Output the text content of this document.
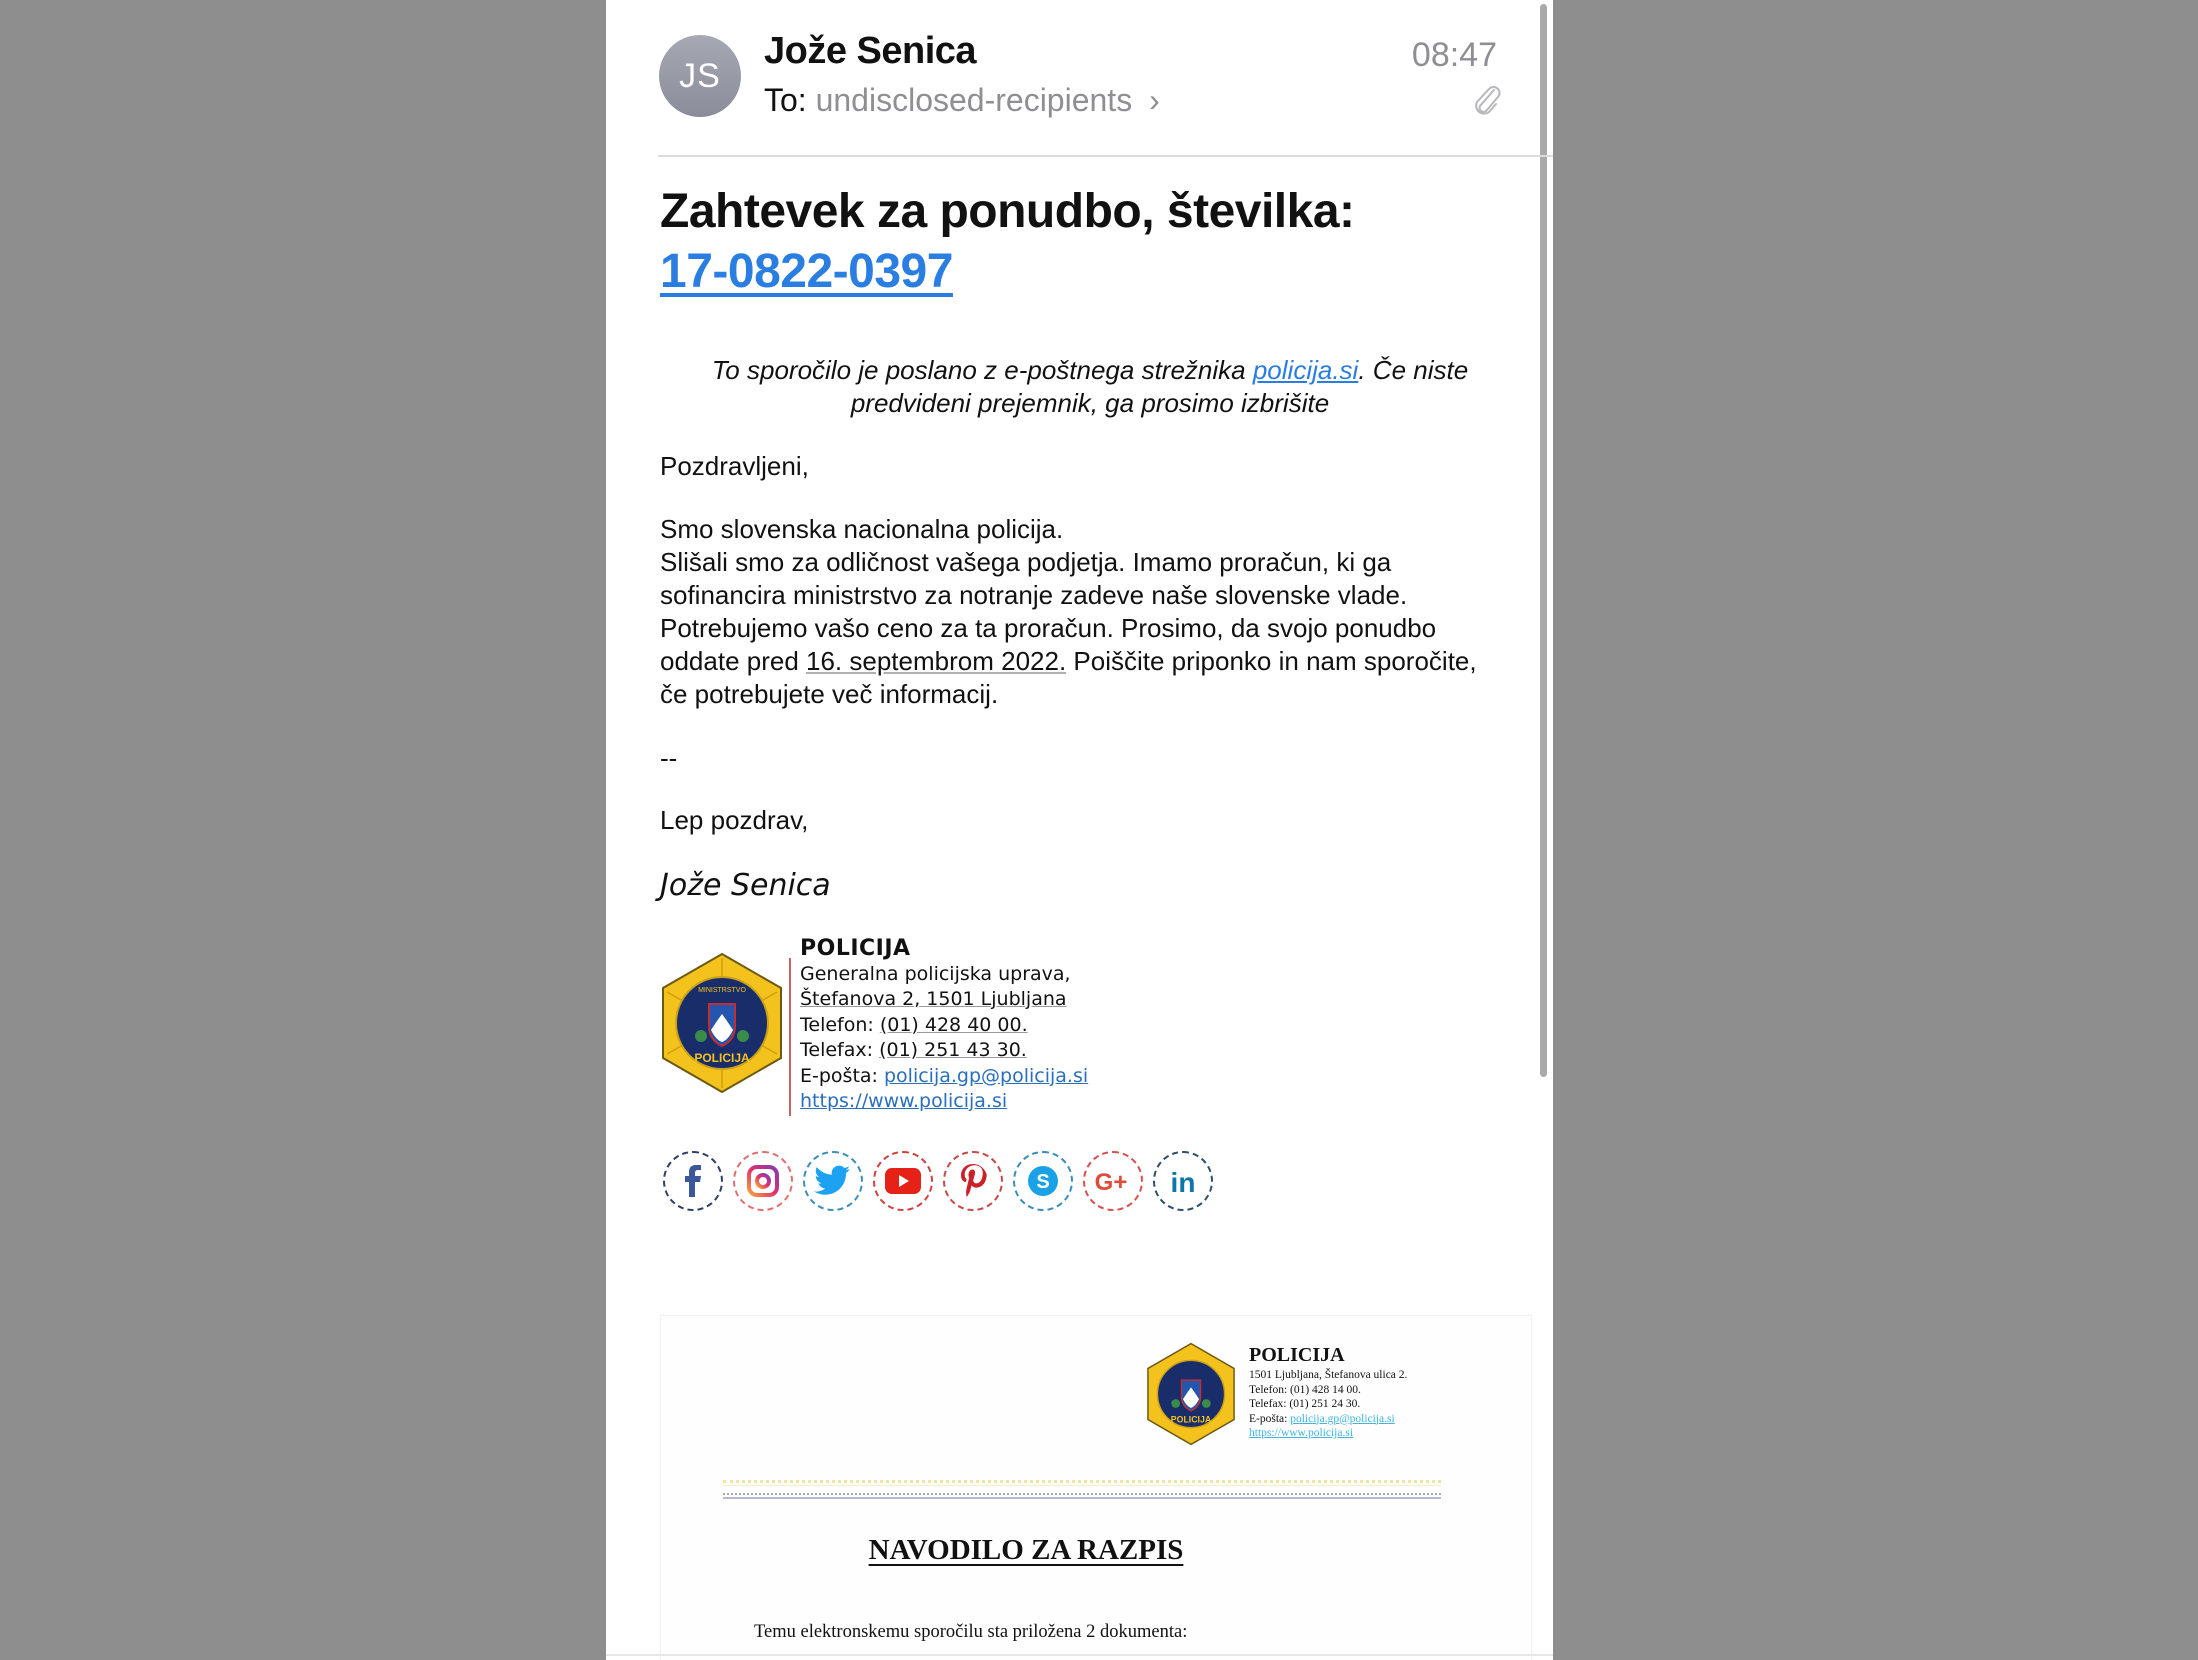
JS
Jože Senica
To: undisclosed-recipients ›
08:47
Zahtevek za ponudbo, številka:
17-0822-0397
To sporočilo je poslano z e-poštnega strežnika policija.si. Če niste predvideni prejemnik, ga prosimo izbrišite
Pozdravljeni,
Smo slovenska nacionalna policija.
Slišali smo za odličnost vašega podjetja. Imamo proračun, ki ga
sofinancira ministrstvo za notranje zadeve naše slovenske vlade.
Potrebujemo vašo ceno za ta proračun. Prosimo, da svojo ponudbo
oddate pred 16. septembrom 2022. Poiščite priponko in nam sporočite,
če potrebujete več informacij.
--
Lep pozdrav,
Jože Senica
POLICIJA
MINISTRSTVO
POLICIJA
Generalna policijska uprava,
Štefanova 2, 1501 Ljubljana
Telefon: (01) 428 40 00.
Telefax: (01) 251 43 30.
E-pošta: policija.gp@policija.si
https://www.policija.si
S G+ in
POLICIJA
POLICIJA
1501 Ljubljana, Štefanova ulica 2.
Telefon: (01) 428 14 00.
Telefax: (01) 251 24 30.
E-pošta: policija.gp@policija.si
https://www.policija.si
NAVODILO ZA RAZPIS
Temu elektronskemu sporočilu sta priložena 2 dokumenta:
